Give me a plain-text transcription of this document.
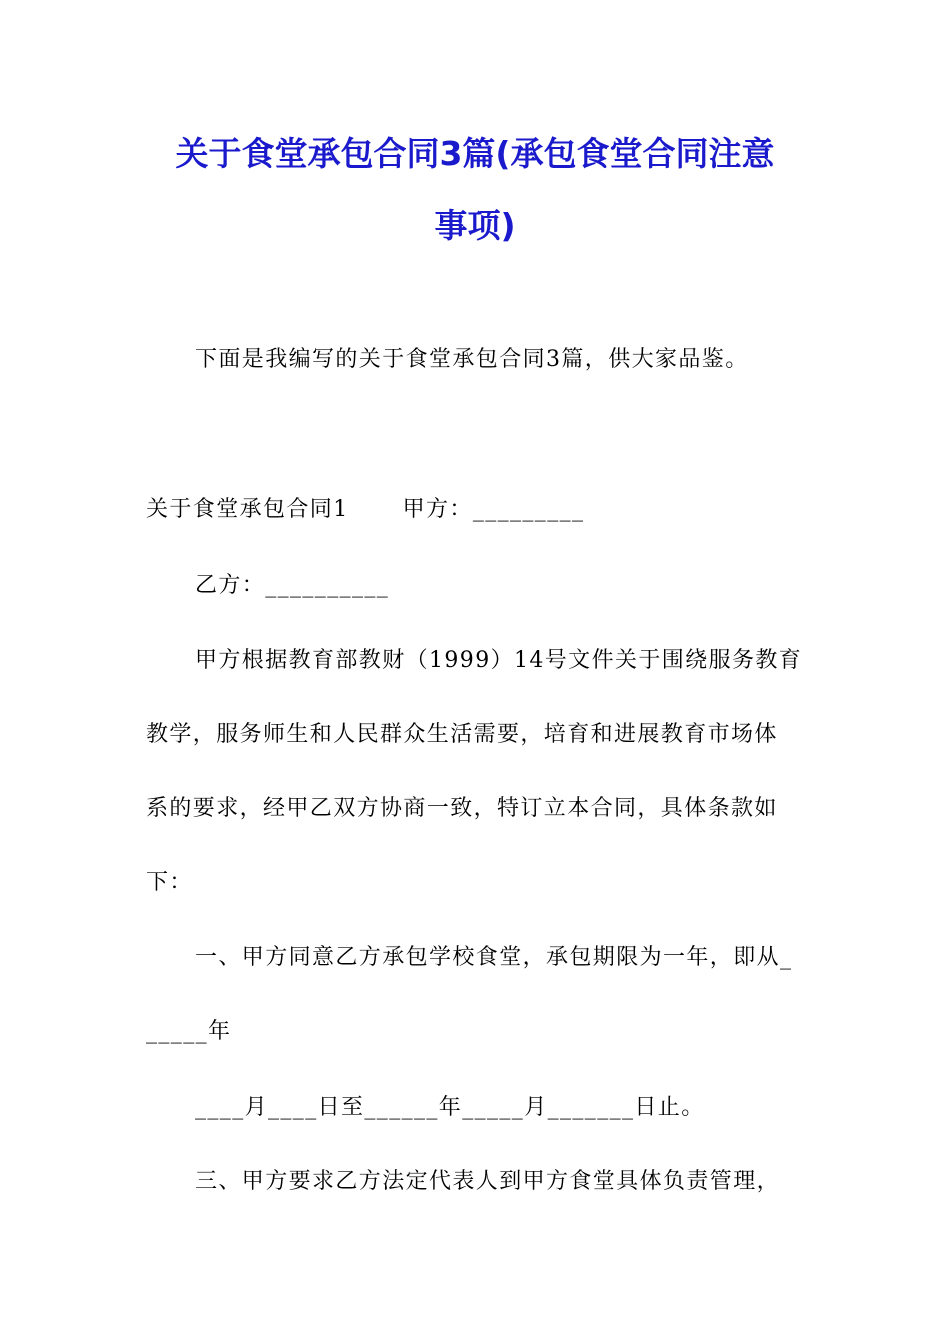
关于食堂承包合同3篇(承包食堂合同注意
事项)
下面是我编写的关于食堂承包合同3篇，供大家品鉴。
关于食堂承包合同1 甲方：_________
乙方：__________
甲方根据教育部教财（1999）14号文件关于围绕服务教育
教学，服务师生和人民群众生活需要，培育和进展教育市场体
系的要求，经甲乙双方协商一致，特订立本合同，具体条款如
下：
一、甲方同意乙方承包学校食堂，承包期限为一年，即从_
_____年
____月____日至______年_____月_______日止。
三、甲方要求乙方法定代表人到甲方食堂具体负责管理，
